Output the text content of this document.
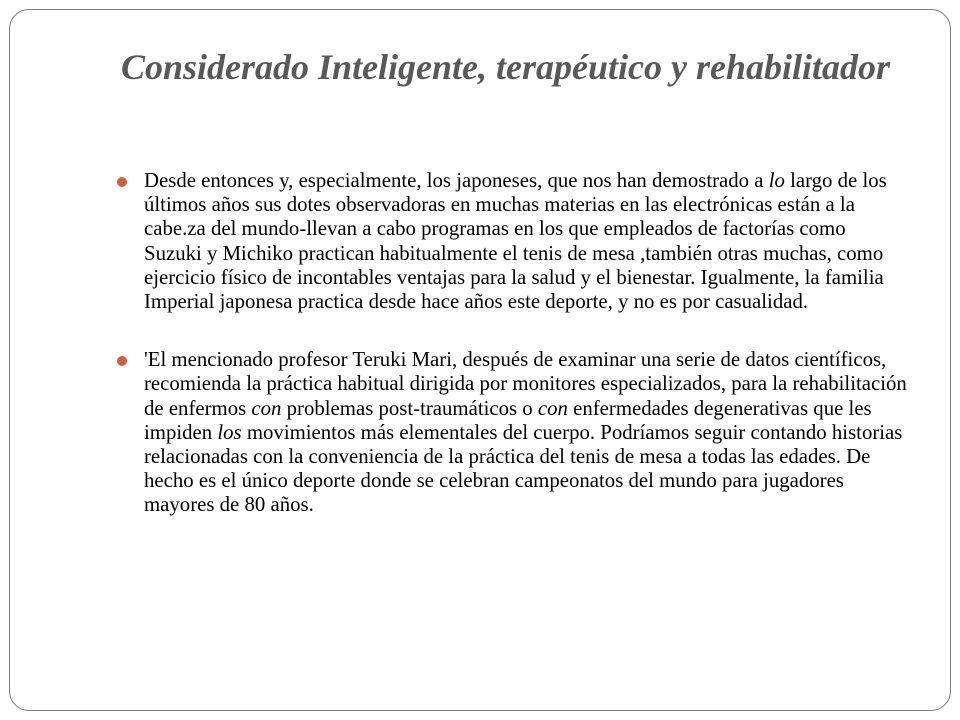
Considerado Inteligente, terapéutico y rehabilitador
Desde entonces y, especialmente, los japoneses, que nos han demostrado a lo largo de los últimos años sus dotes observadoras en muchas materias en las electrónicas están a la cabe.za del mundo-llevan a cabo programas en los que empleados de factorías como Suzuki y Michiko practican habitualmente el tenis de mesa ,también otras muchas, como ejercicio físico de incontables ventajas para la salud y el bienestar. Igualmente, la familia Imperial japonesa practica desde hace años este deporte, y no es por casualidad.
'El mencionado profesor Teruki Mari, después de examinar una serie de datos científicos, recomienda la práctica habitual dirigida por monitores especializados, para la rehabilitación de enfermos con problemas post-traumáticos o con enfermedades degenerativas que les impiden los movimientos más elementales del cuerpo. Podríamos seguir contando historias relacionadas con la conveniencia de la práctica del tenis de mesa a todas las edades. De hecho es el único deporte donde se celebran campeonatos del mundo para jugadores mayores de 80 años.
